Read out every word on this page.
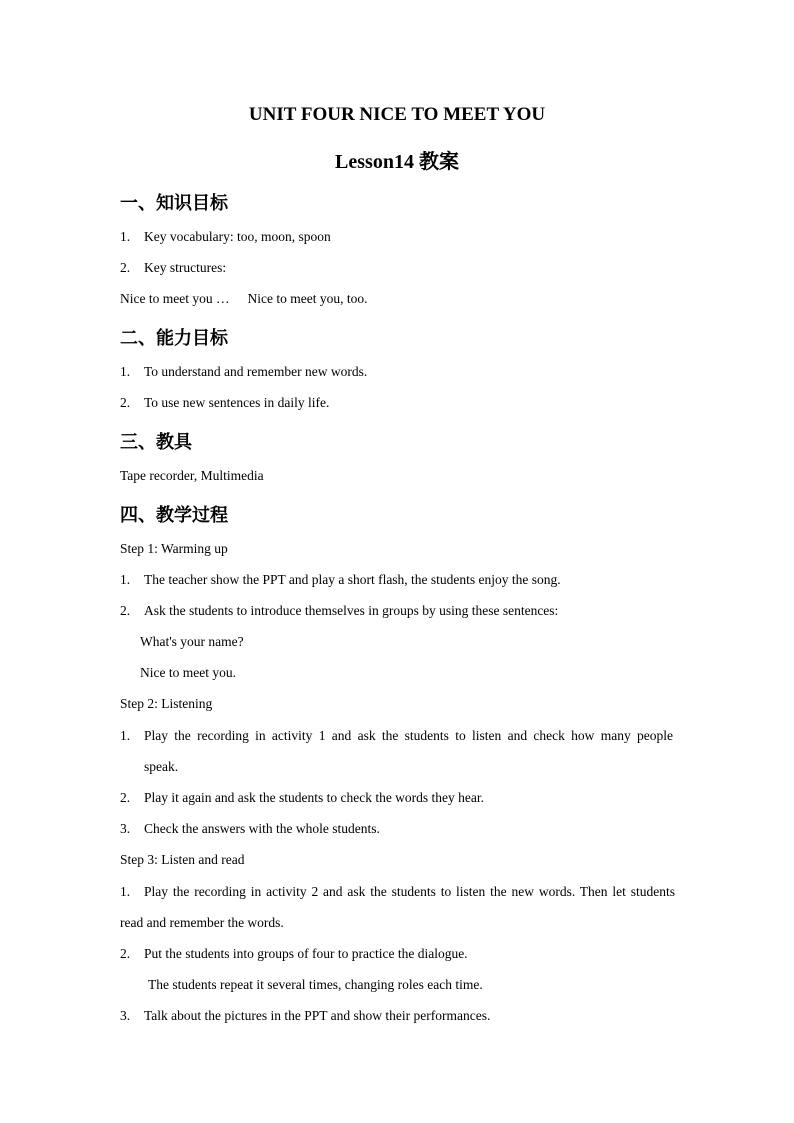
UNIT FOUR NICE TO MEET YOU
Lesson14 教案
一、知识目标
1. Key vocabulary: too, moon, spoon
2. Key structures:
Nice to meet you … Nice to meet you, too.
二、能力目标
1. To understand and remember new words.
2. To use new sentences in daily life.
三、教具
Tape recorder, Multimedia
四、教学过程
Step 1: Warming up
1. The teacher show the PPT and play a short flash, the students enjoy the song.
2. Ask the students to introduce themselves in groups by using these sentences:
What's your name?
Nice to meet you.
Step 2: Listening
1. Play the recording in activity 1 and ask the students to listen and check how many people
speak.
2. Play it again and ask the students to check the words they hear.
3. Check the answers with the whole students.
Step 3: Listen and read
1. Play the recording in activity 2 and ask the students to listen the new words. Then let students
read and remember the words.
2. Put the students into groups of four to practice the dialogue.
The students repeat it several times, changing roles each time.
3. Talk about the pictures in the PPT and show their performances.
